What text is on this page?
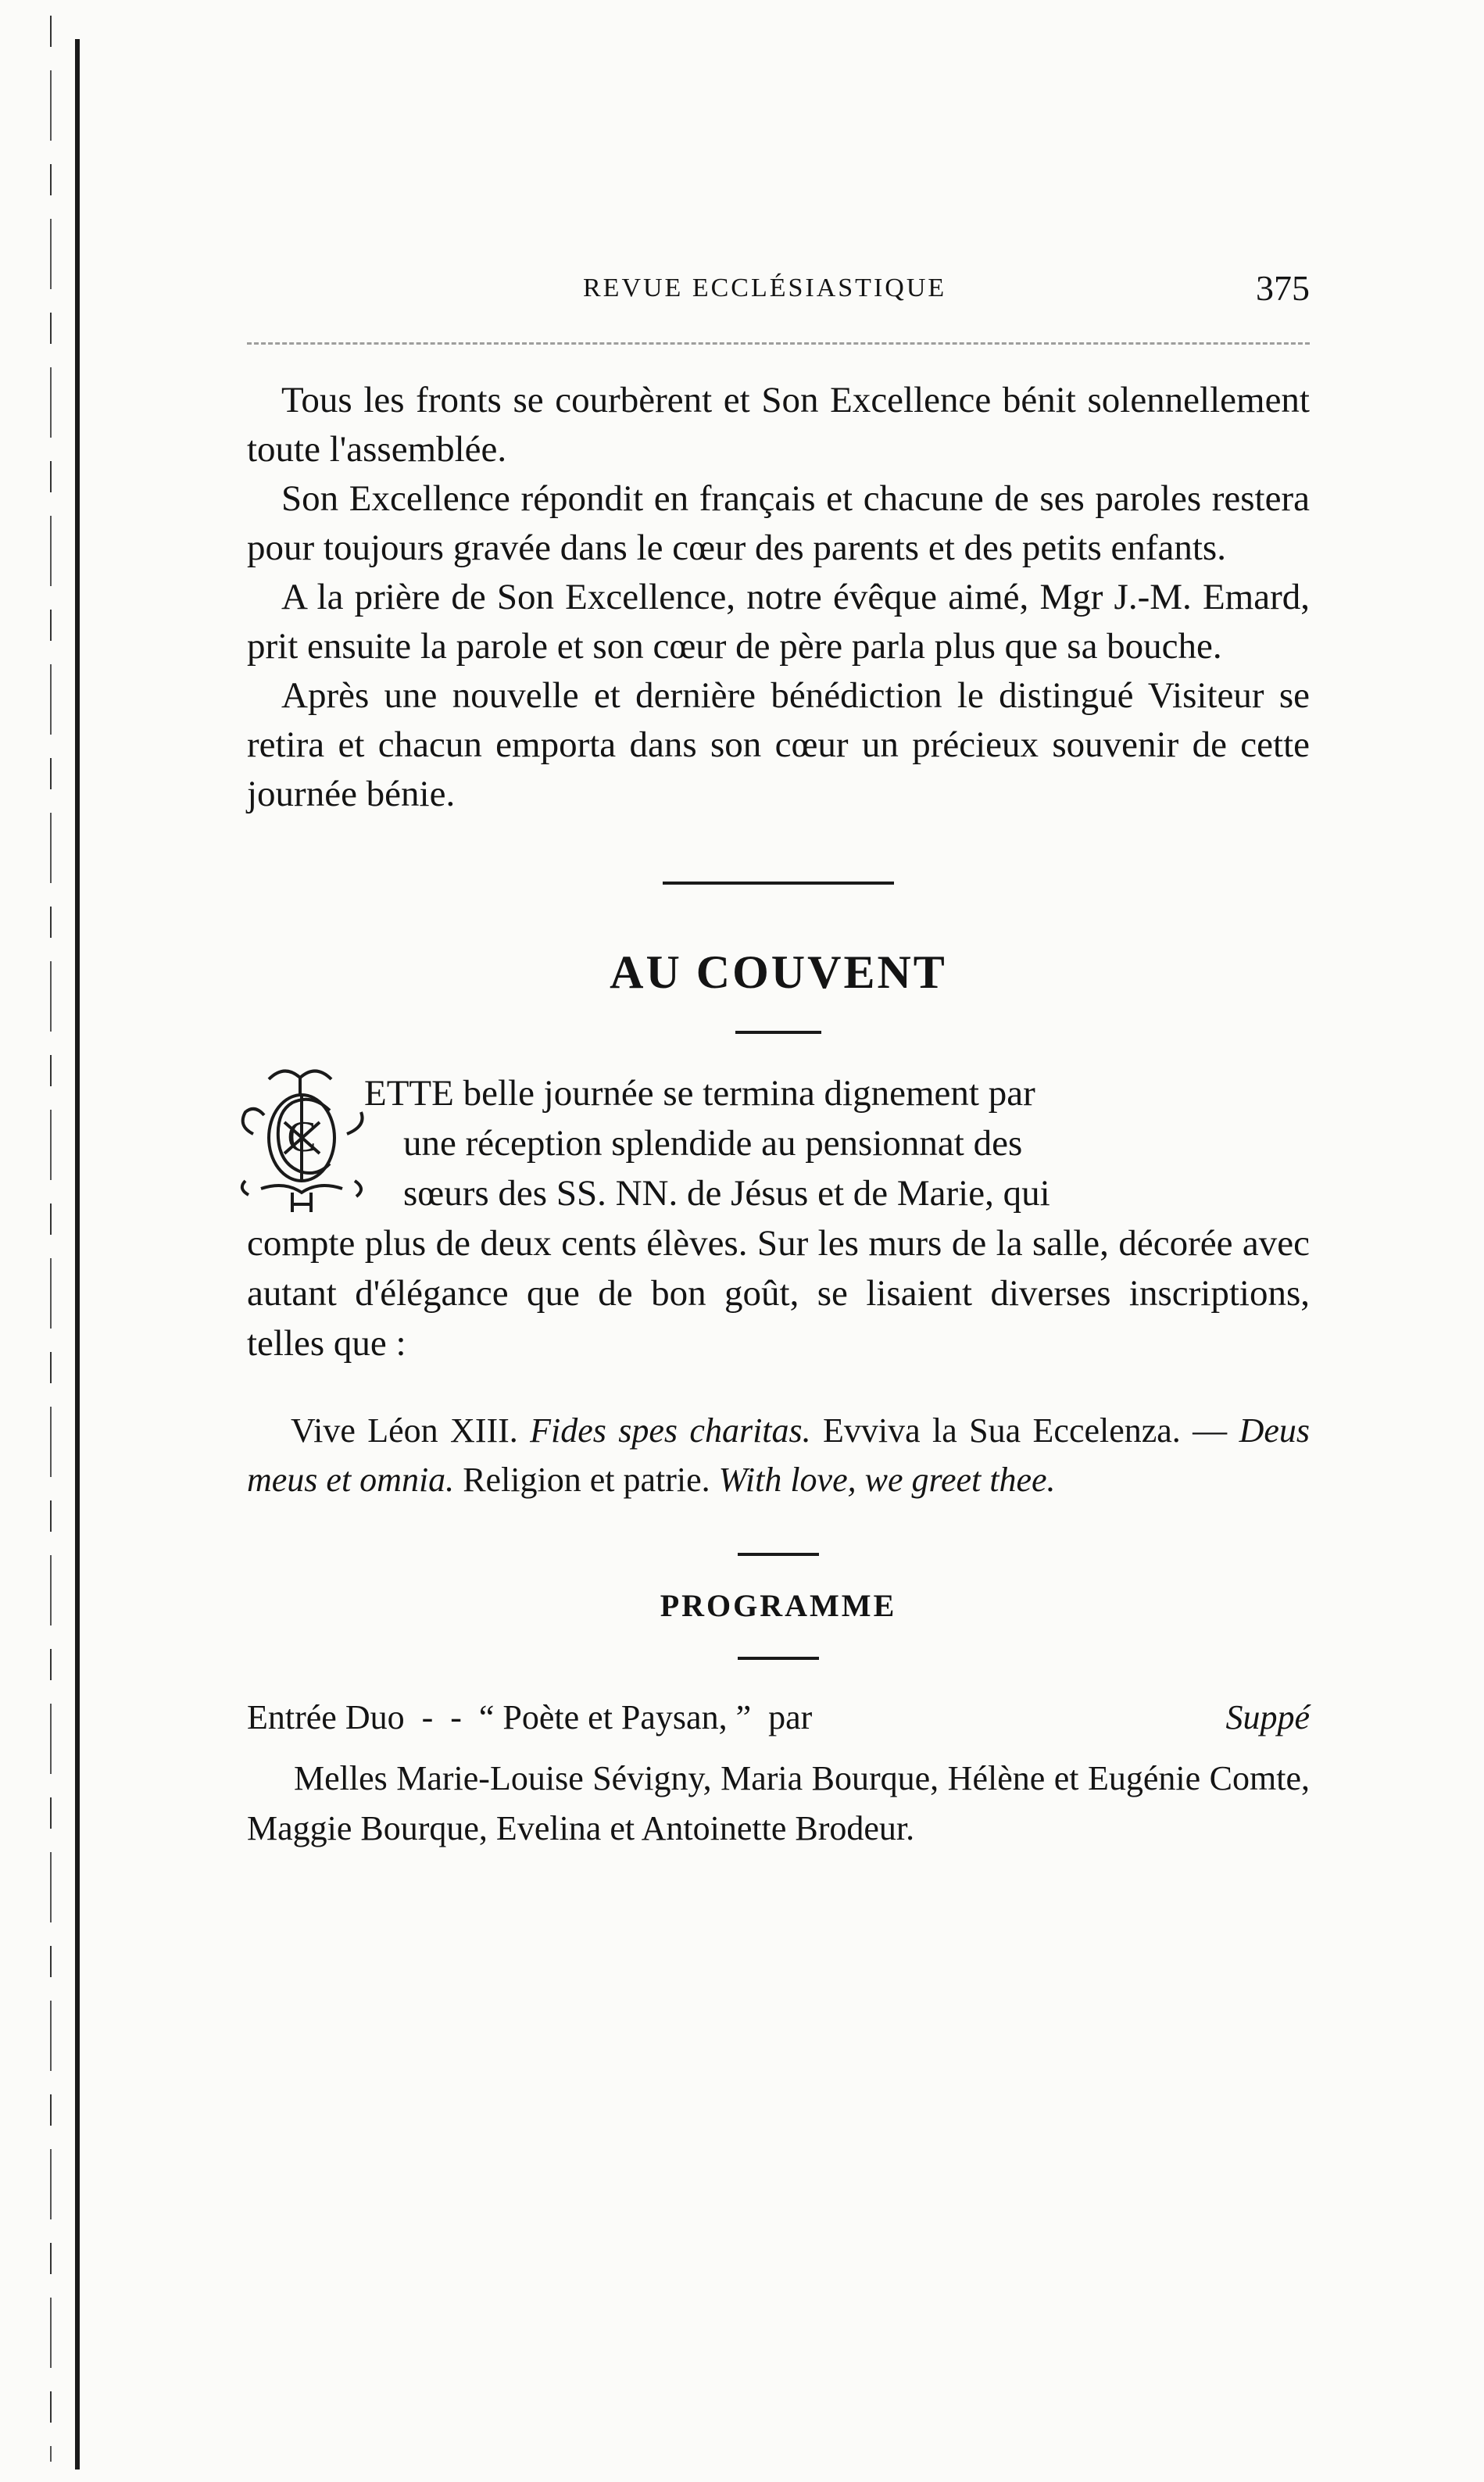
REVUE ECCLÉSIASTIQUE	375

Tous les fronts se courbèrent et Son Excellence bénit solennellement toute l'assemblée.

Son Excellence répondit en français et chacune de ses paroles restera pour toujours gravée dans le cœur des parents et des petits enfants.

A la prière de Son Excellence, notre évêque aimé, Mgr J.-M. Emard, prit ensuite la parole et son cœur de père parla plus que sa bouche.

Après une nouvelle et dernière bénédiction le distingué Visiteur se retira et chacun emporta dans son cœur un précieux souvenir de cette journée bénie.

AU COUVENT
C

ETTE belle journée se termina dignement par

une réception splendide au pensionnat des

sœurs des SS. NN. de Jésus et de Marie, qui

compte plus de deux cents élèves. Sur les murs de la salle, décorée avec autant d'élégance que de bon goût, se lisaient diverses inscriptions, telles que :

Vive Léon XIII. Fides spes charitas. Evviva la Sua Eccelenza. — Deus meus et omnia. Religion et patrie. With love, we greet thee.
PROGRAMME
Entrée Duo  -  -  “ Poète et Paysan, ”  par	Suppé

Melles Marie-Louise Sévigny, Maria Bourque, Hélène et Eugénie Comte, Maggie Bourque, Evelina et Antoinette Brodeur.
